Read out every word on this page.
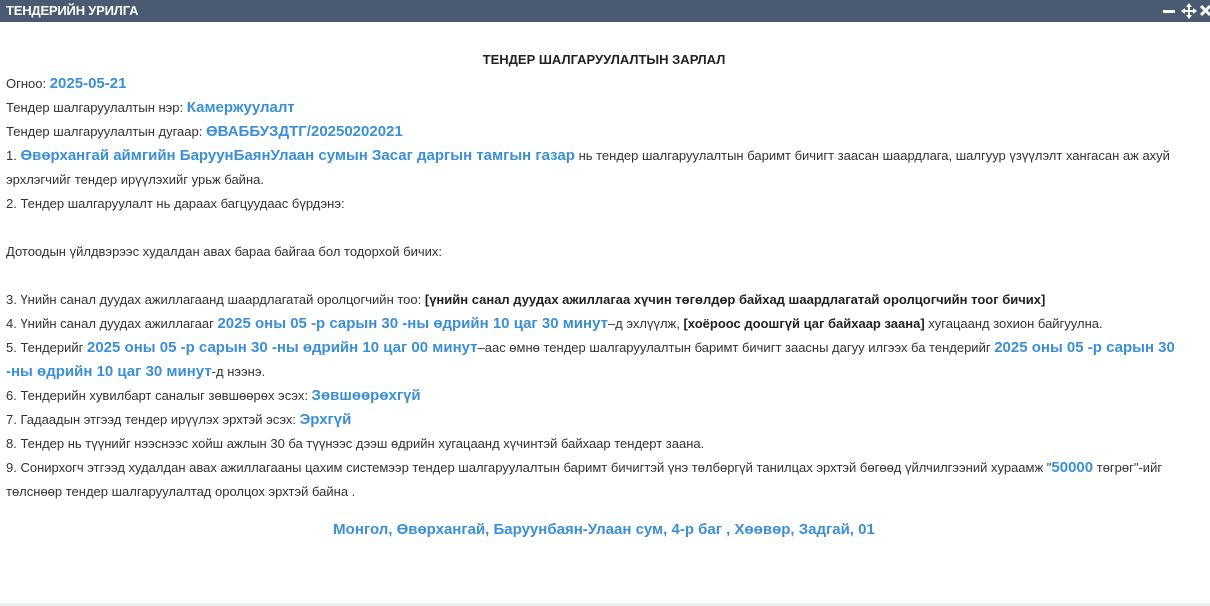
ТЕНДЕРИЙН УРИЛГА
ТЕНДЕР ШАЛГАРУУЛАЛТЫН ЗАРЛАЛ
Огноо: 2025-05-21
Тендер шалгаруулалтын нэр: Камержуулалт
Тендер шалгаруулалтын дугаар: ӨВАББУЗДТГ/20250202021
1. Өвөрхангай аймгийн БаруунБаянУлаан сумын Засаг даргын тамгын газар нь тендер шалгаруулалтын баримт бичигт заасан шаардлага, шалгуур үзүүлэлт хангасан аж ахуй эрхлэгчийг тендер ирүүлэхийг урьж байна.
2. Тендер шалгаруулалт нь дараах багцуудаас бүрдэнэ:
Дотоодын үйлдвэрээс худалдан авах бараа байгаа бол тодорхой бичих:
3. Үнийн санал дуудах ажиллагаанд шаардлагатай оролцогчийн тоо: [үнийн санал дуудах ажиллагаа хүчин төгөлдөр байхад шаардлагатай оролцогчийн тоог бичих]
4. Үнийн санал дуудах ажиллагааг 2025 оны 05 -р сарын 30 -ны өдрийн 10 цаг 30 минут–д эхлүүлж, [хоёроос доошгүй цаг байхаар заана] хугацаанд зохион байгуулна.
5. Тендерийг 2025 оны 05 -р сарын 30 -ны өдрийн 10 цаг 00 минут–аас өмнө тендер шалгаруулалтын баримт бичигт заасны дагуу илгээх ба тендерийг 2025 оны 05 -р сарын 30 -ны өдрийн 10 цаг 30 минут-д нээнэ.
6. Тендерийн хувилбарт саналыг зөвшөөрөх эсэх: Зөвшөөрөхгүй
7. Гадаадын этгээд тендер ирүүлэх эрхтэй эсэх: Эрхгүй
8. Тендер нь түүнийг нээснээс хойш ажлын 30 ба түүнээс дээш өдрийн хугацаанд хүчинтэй байхаар тендерт заана.
9. Сонирхогч этгээд худалдан авах ажиллагааны цахим системээр тендер шалгаруулалтын баримт бичигтэй үнэ төлбөргүй танилцах эрхтэй бөгөөд үйлчилгээний хураамж "50000 төгрөг"-ийг төлснөөр тендер шалгаруулалтад оролцох эрхтэй байна .
Монгол, Өвөрхангай, Баруунбаян-Улаан сум, 4-р баг , Хөөвөр, Задгай, 01
